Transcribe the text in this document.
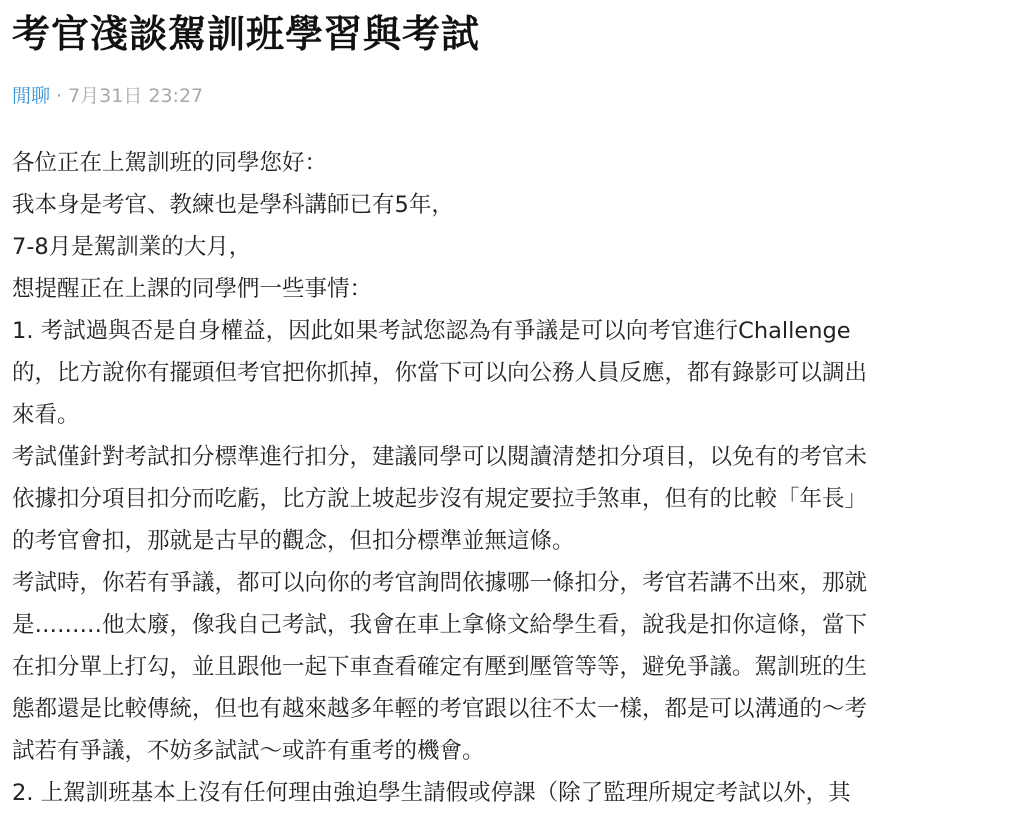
考官淺談駕訓班學習與考試
閒聊 · 7月31日 23:27
各位正在上駕訓班的同學您好：
我本身是考官、教練也是學科講師已有5年，
7-8月是駕訓業的大月，
想提醒正在上課的同學們一些事情：
1. 考試過與否是自身權益，因此如果考試您認為有爭議是可以向考官進行Challenge
的，比方說你有擺頭但考官把你抓掉，你當下可以向公務人員反應，都有錄影可以調出
來看。
考試僅針對考試扣分標準進行扣分，建議同學可以閱讀清楚扣分項目，以免有的考官未
依據扣分項目扣分而吃虧，比方說上坡起步沒有規定要拉手煞車，但有的比較「年長」
的考官會扣，那就是古早的觀念，但扣分標準並無這條。
考試時，你若有爭議，都可以向你的考官詢問依據哪一條扣分，考官若講不出來，那就
是………他太廢，像我自己考試，我會在車上拿條文給學生看，說我是扣你這條，當下
在扣分單上打勾，並且跟他一起下車查看確定有壓到壓管等等，避免爭議。駕訓班的生
態都還是比較傳統，但也有越來越多年輕的考官跟以往不太一樣，都是可以溝通的～考
試若有爭議，不妨多試試～或許有重考的機會。
2. 上駕訓班基本上沒有任何理由強迫學生請假或停課（除了監理所規定考試以外，其
